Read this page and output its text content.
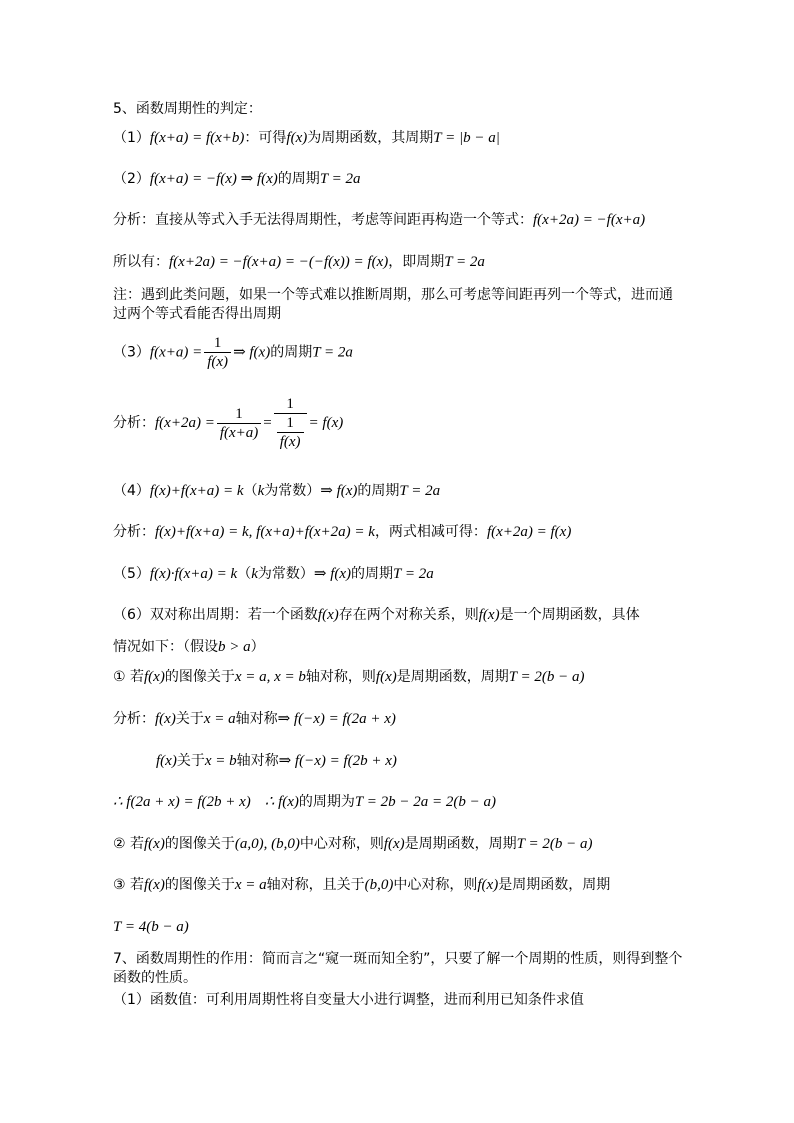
5、函数周期性的判定：
（1）f(x+a) = f(x+b)：可得f(x)为周期函数，其周期T = |b − a|
（2）f(x+a) = −f(x) ⇒ f(x)的周期T = 2a
分析：直接从等式入手无法得周期性，考虑等间距再构造一个等式：f(x+2a) = −f(x+a)
所以有：f(x+2a) = −f(x+a) = −(−f(x)) = f(x)，即周期T = 2a
注：遇到此类问题，如果一个等式难以推断周期，那么可考虑等间距再列一个等式，进而通过两个等式看能否得出周期
$(3)f(x+a) = \frac{1}{f(x)}$ ⇒ f(x)的周期T = 2a
分析：$f(x+2a) = \frac{1}{f(x+a)} = \frac{1}{\frac{1}{f(x)}} = f(x)$
（4）f(x)+f(x+a) = k（k为常数）⇒ f(x)的周期T = 2a
分析：f(x)+f(x+a) = k, f(x+a)+f(x+2a) = k，两式相减可得：f(x+2a) = f(x)
（5）f(x)·f(x+a) = k（k为常数）⇒ f(x)的周期T = 2a
（6）双对称出周期：若一个函数f(x)存在两个对称关系，则f(x)是一个周期函数，具体
情况如下：（假设b > a）
① 若f(x)的图像关于x = a, x = b轴对称，则f(x)是周期函数，周期T = 2(b − a)
分析：f(x)关于x = a轴对称⇒ f(−x) = f(2a + x)
f(x)关于x = b轴对称⇒ f(−x) = f(2b + x)
∴ f(2a + x) = f(2b + x) ∴ f(x)的周期为T = 2b − 2a = 2(b − a)
② 若f(x)的图像关于(a,0), (b,0)中心对称，则f(x)是周期函数，周期T = 2(b − a)
③ 若f(x)的图像关于x = a轴对称，且关于(b,0)中心对称，则f(x)是周期函数，周期
T = 4(b − a)
7、函数周期性的作用：简而言之“窥一斑而知全豹”，只要了解一个周期的性质，则得到整个函数的性质。
（1）函数值：可利用周期性将自变量大小进行调整，进而利用已知条件求值
